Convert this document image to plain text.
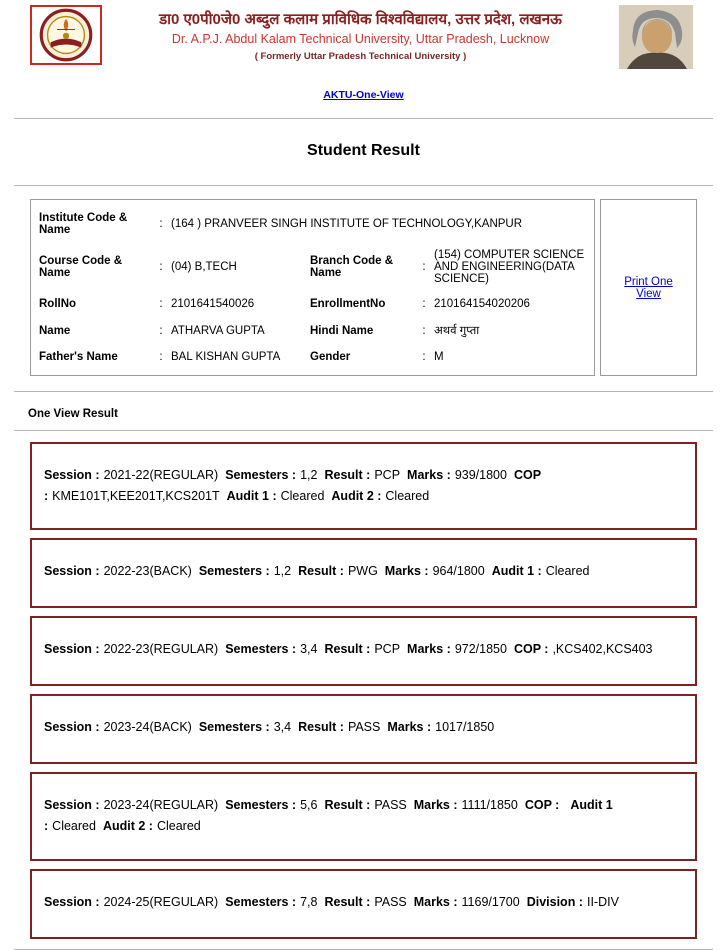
डा0 ए0पी0जे0 अब्दुल कलाम प्राविधिक विश्वविद्यालय, उत्तर प्रदेश, लखनऊ
Dr. A.P.J. Abdul Kalam Technical University, Uttar Pradesh, Lucknow
( Formerly Uttar Pradesh Technical University )
AKTU-One-View
Student Result
Institute Code & Name	: (164 ) PRANVEER SINGH INSTITUTE OF TECHNOLOGY,KANPUR
Course Code & Name	: (04) B,TECH	Branch Code & Name	:
(154) COMPUTER SCIENCE AND ENGINEERING(DATA SCIENCE)
RollNo	: 2101641540026	EnrollmentNo	: 210164154020206
Name	: ATHARVA GUPTA	Hindi Name	: अथर्व गुप्ता
Father's Name	: BAL KISHAN GUPTA	Gender	: M
Print One View
One View Result

Session : 2021-22(REGULAR) Semesters : 1,2 Result : PCP Marks : 939/1800 COP : KME101T,KEE201T,KCS201T Audit 1 : Cleared Audit 2 : Cleared

Session : 2022-23(BACK) Semesters : 1,2 Result : PWG Marks : 964/1800 Audit 1 : Cleared

Session : 2022-23(REGULAR) Semesters : 3,4 Result : PCP Marks : 972/1850 COP : ,KCS402,KCS403

Session : 2023-24(BACK) Semesters : 3,4 Result : PASS Marks : 1017/1850

Session : 2023-24(REGULAR) Semesters : 5,6 Result : PASS Marks : 1111/1850 COP : Audit 1 : Cleared Audit 2 : Cleared

Session : 2024-25(REGULAR) Semesters : 7,8 Result : PASS Marks : 1169/1700 Division : II-DIV
